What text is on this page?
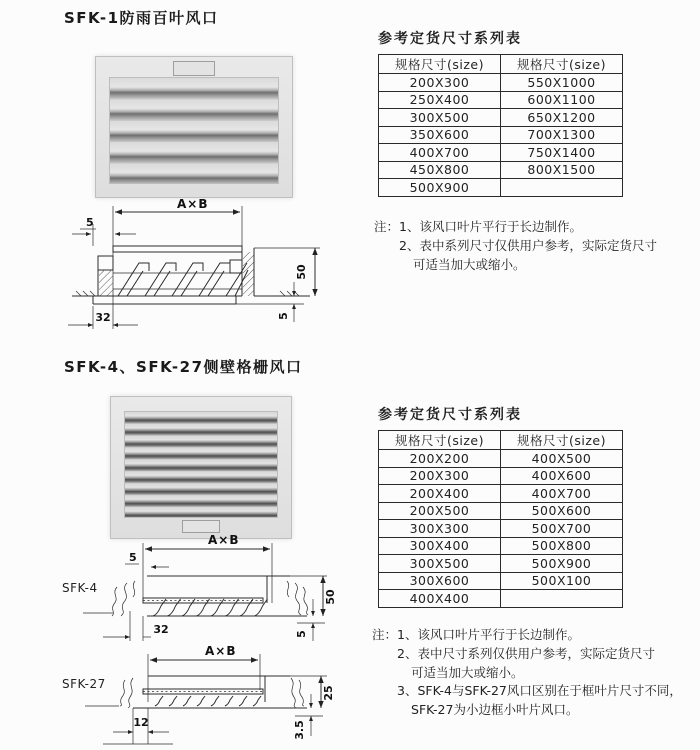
SFK-1防雨百叶风口
参考定货尺寸系列表
规格尺寸(size)	规格尺寸(size)
200X300	550X1000
250X400	600X1100
300X500	650X1200
350X600	700X1300
400X700	750X1400
450X800	800X1500
500X900	
注： 1、该风口叶片平行于长边制作。
2、表中系列尺寸仅供用户参考，实际定货尺寸
可适当加大或缩小。
A×B
5
50
5
32
SFK-4、SFK-27侧壁格栅风口
参考定货尺寸系列表
规格尺寸(size)	规格尺寸(size)
200X200	400X500
200X300	400X600
200X400	400X700
200X500	500X600
300X300	500X700
300X400	500X800
300X500	500X900
300X600	500X100
400X400	
注： 1、该风口叶片平行于长边制作。
2、表中尺寸系列仅供用户参考，实际定货尺寸
可适当加大或缩小。
3、SFK-4与SFK-27风口区别在于框叶片尺寸不同，
SFK-27为小边框小叶片风口。
SFK-4
SFK-27
A×B
5
50
5
32
A×B
25
3.5
12
